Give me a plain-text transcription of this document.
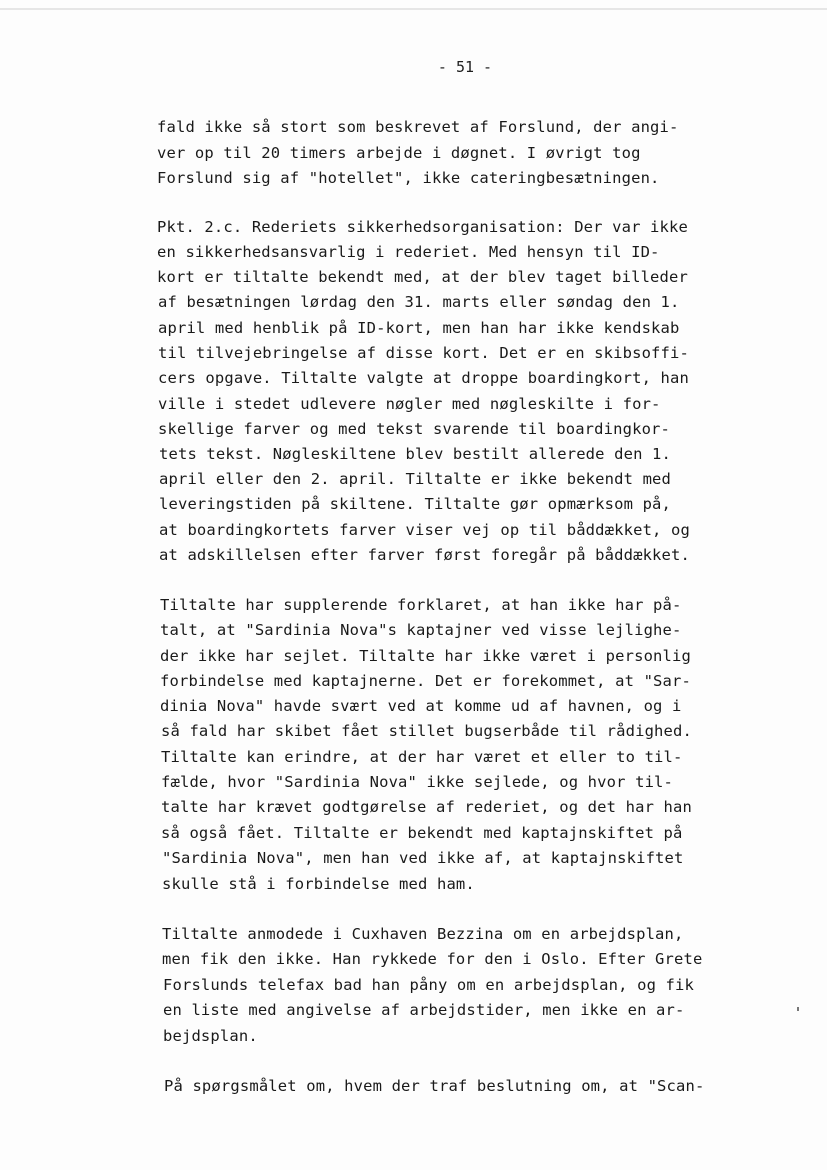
- 51 -
fald ikke så stort som beskrevet af Forslund, der angi-
ver op til 20 timers arbejde i døgnet. I øvrigt tog
Forslund sig af "hotellet", ikke cateringbesætningen.
Pkt. 2.c. Rederiets sikkerhedsorganisation: Der var ikke
en sikkerhedsansvarlig i rederiet. Med hensyn til ID-
kort er tiltalte bekendt med, at der blev taget billeder
af besætningen lørdag den 31. marts eller søndag den 1.
april med henblik på ID-kort, men han har ikke kendskab
til tilvejebringelse af disse kort. Det er en skibsoffi-
cers opgave. Tiltalte valgte at droppe boardingkort, han
ville i stedet udlevere nøgler med nøgleskilte i for-
skellige farver og med tekst svarende til boardingkor-
tets tekst. Nøgleskiltene blev bestilt allerede den 1.
april eller den 2. april. Tiltalte er ikke bekendt med
leveringstiden på skiltene. Tiltalte gør opmærksom på,
at boardingkortets farver viser vej op til båddækket, og
at adskillelsen efter farver først foregår på båddækket.
Tiltalte har supplerende forklaret, at han ikke har på-
talt, at "Sardinia Nova"s kaptajner ved visse lejlighe-
der ikke har sejlet. Tiltalte har ikke været i personlig
forbindelse med kaptajnerne. Det er forekommet, at "Sar-
dinia Nova" havde svært ved at komme ud af havnen, og i
så fald har skibet fået stillet bugserbåde til rådighed.
Tiltalte kan erindre, at der har været et eller to til-
fælde, hvor "Sardinia Nova" ikke sejlede, og hvor til-
talte har krævet godtgørelse af rederiet, og det har han
så også fået. Tiltalte er bekendt med kaptajnskiftet på
"Sardinia Nova", men han ved ikke af, at kaptajnskiftet
skulle stå i forbindelse med ham.
Tiltalte anmodede i Cuxhaven Bezzina om en arbejdsplan,
men fik den ikke. Han rykkede for den i Oslo. Efter Grete
Forslunds telefax bad han påny om en arbejdsplan, og fik
en liste med angivelse af arbejdstider, men ikke en ar-
bejdsplan.
På spørgsmålet om, hvem der traf beslutning om, at "Scan-
